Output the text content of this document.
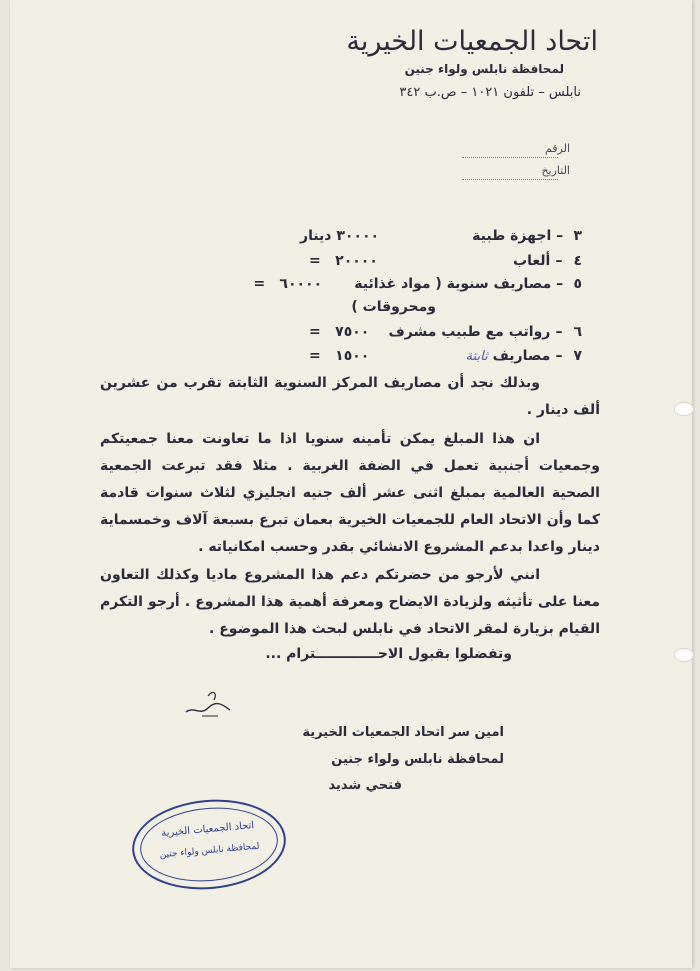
اتحاد الجمعيات الخيرية
لمحافظة نابلس ولواء جنين
نابلس – تلفون ١٠٢١ – ص.ب ٣٤٢
الرقم
التاريخ
٣ – اجهزة طبية ٣٠٠٠٠ دينار
٤ – ألعاب ٢٠٠٠٠ =
٥ – مصاريف سنوية ( مواد غذائية ٦٠٠٠٠ =
ومحروقات )
٦ – رواتب مع طبيب مشرف ٧٥٠٠ =
٧ – مصاريف ثابتة ١٥٠٠ =
وبذلك نجد أن مصاريف المركز السنوية الثابتة تقرب من عشرين ألف دينار .
ان هذا المبلغ يمكن تأمينه سنويا اذا ما تعاونت معنا جمعيتكم وجمعيات أجنبية تعمل في الضفة الغربية . مثلا فقد تبرعت الجمعية الصحية العالمية بمبلغ اثنى عشر ألف جنيه انجليزي لثلاث سنوات قادمة كما وأن الاتحاد العام للجمعيات الخيرية بعمان تبرع بسبعة آلاف وخمسماية دينار واعدا بدعم المشروع الانشائي بقدر وحسب امكانياته .
انني لأرجو من حضرتكم دعم هذا المشروع ماديا وكذلك التعاون معنا على تأثيثه ولزيادة الايضاح ومعرفة أهمية هذا المشروع . أرجو التكرم القيام بزيارة لمقر الاتحاد في نابلس لبحث هذا الموضوع .
وتفضلوا بقبول الاحـــــــــــــترام ...
امين سر اتحاد الجمعيات الخيرية
لمحافظة نابلس ولواء جنين
فتحي شديد
اتحاد الجمعيات الخيرية
لمحافظة نابلس ولواء جنين
